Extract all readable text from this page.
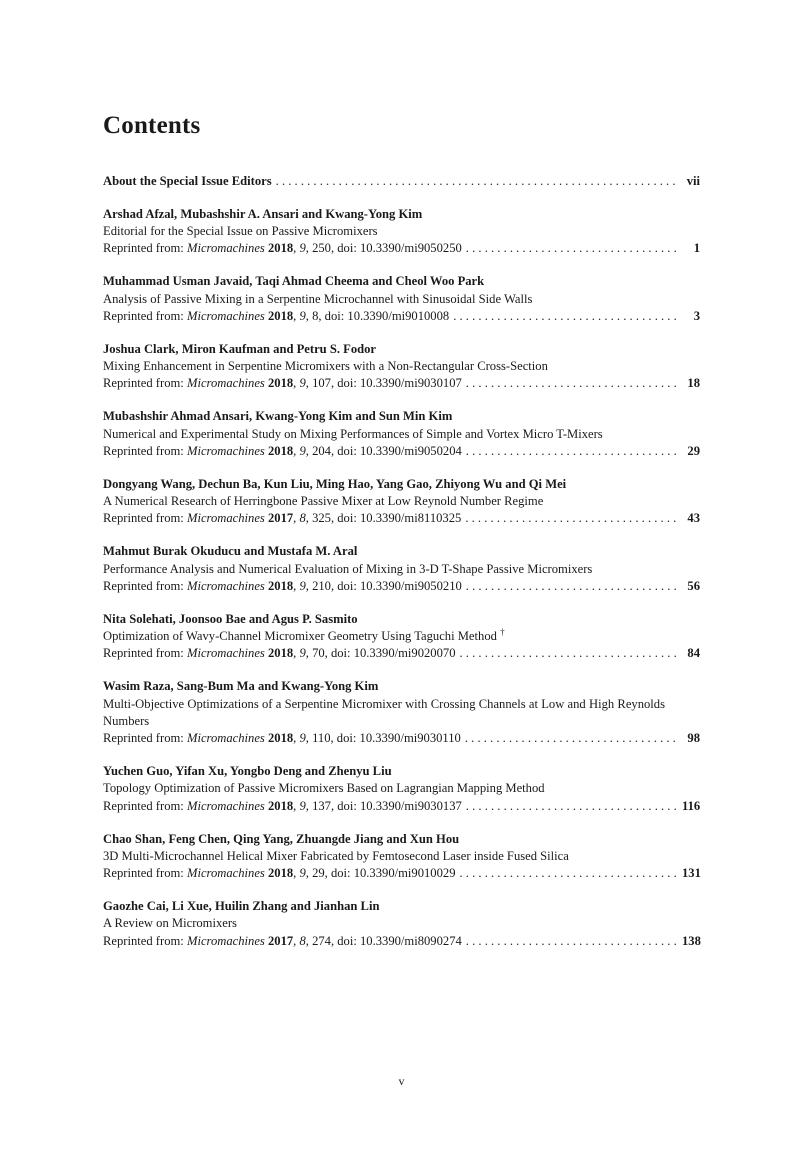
Contents
About the Special Issue Editors . . .	vii
Arshad Afzal, Mubashshir A. Ansari and Kwang-Yong Kim
Editorial for the Special Issue on Passive Micromixers
Reprinted from: Micromachines 2018, 9, 250, doi: 10.3390/mi9050250 . . .	1
Muhammad Usman Javaid, Taqi Ahmad Cheema and Cheol Woo Park
Analysis of Passive Mixing in a Serpentine Microchannel with Sinusoidal Side Walls
Reprinted from: Micromachines 2018, 9, 8, doi: 10.3390/mi9010008 . . .	3
Joshua Clark, Miron Kaufman and Petru S. Fodor
Mixing Enhancement in Serpentine Micromixers with a Non-Rectangular Cross-Section
Reprinted from: Micromachines 2018, 9, 107, doi: 10.3390/mi9030107 . . .	18
Mubashshir Ahmad Ansari, Kwang-Yong Kim and Sun Min Kim
Numerical and Experimental Study on Mixing Performances of Simple and Vortex Micro T-Mixers
Reprinted from: Micromachines 2018, 9, 204, doi: 10.3390/mi9050204 . . .	29
Dongyang Wang, Dechun Ba, Kun Liu, Ming Hao, Yang Gao, Zhiyong Wu and Qi Mei
A Numerical Research of Herringbone Passive Mixer at Low Reynold Number Regime
Reprinted from: Micromachines 2017, 8, 325, doi: 10.3390/mi8110325 . . .	43
Mahmut Burak Okuducu and Mustafa M. Aral
Performance Analysis and Numerical Evaluation of Mixing in 3-D T-Shape Passive Micromixers
Reprinted from: Micromachines 2018, 9, 210, doi: 10.3390/mi9050210 . . .	56
Nita Solehati, Joonsoo Bae and Agus P. Sasmito
Optimization of Wavy-Channel Micromixer Geometry Using Taguchi Method †
Reprinted from: Micromachines 2018, 9, 70, doi: 10.3390/mi9020070 . . .	84
Wasim Raza, Sang-Bum Ma and Kwang-Yong Kim
Multi-Objective Optimizations of a Serpentine Micromixer with Crossing Channels at Low and High Reynolds Numbers
Reprinted from: Micromachines 2018, 9, 110, doi: 10.3390/mi9030110 . . .	98
Yuchen Guo, Yifan Xu, Yongbo Deng and Zhenyu Liu
Topology Optimization of Passive Micromixers Based on Lagrangian Mapping Method
Reprinted from: Micromachines 2018, 9, 137, doi: 10.3390/mi9030137 . . .	116
Chao Shan, Feng Chen, Qing Yang, Zhuangde Jiang and Xun Hou
3D Multi-Microchannel Helical Mixer Fabricated by Femtosecond Laser inside Fused Silica
Reprinted from: Micromachines 2018, 9, 29, doi: 10.3390/mi9010029 . . .	131
Gaozhe Cai, Li Xue, Huilin Zhang and Jianhan Lin
A Review on Micromixers
Reprinted from: Micromachines 2017, 8, 274, doi: 10.3390/mi8090274 . . .	138
v
